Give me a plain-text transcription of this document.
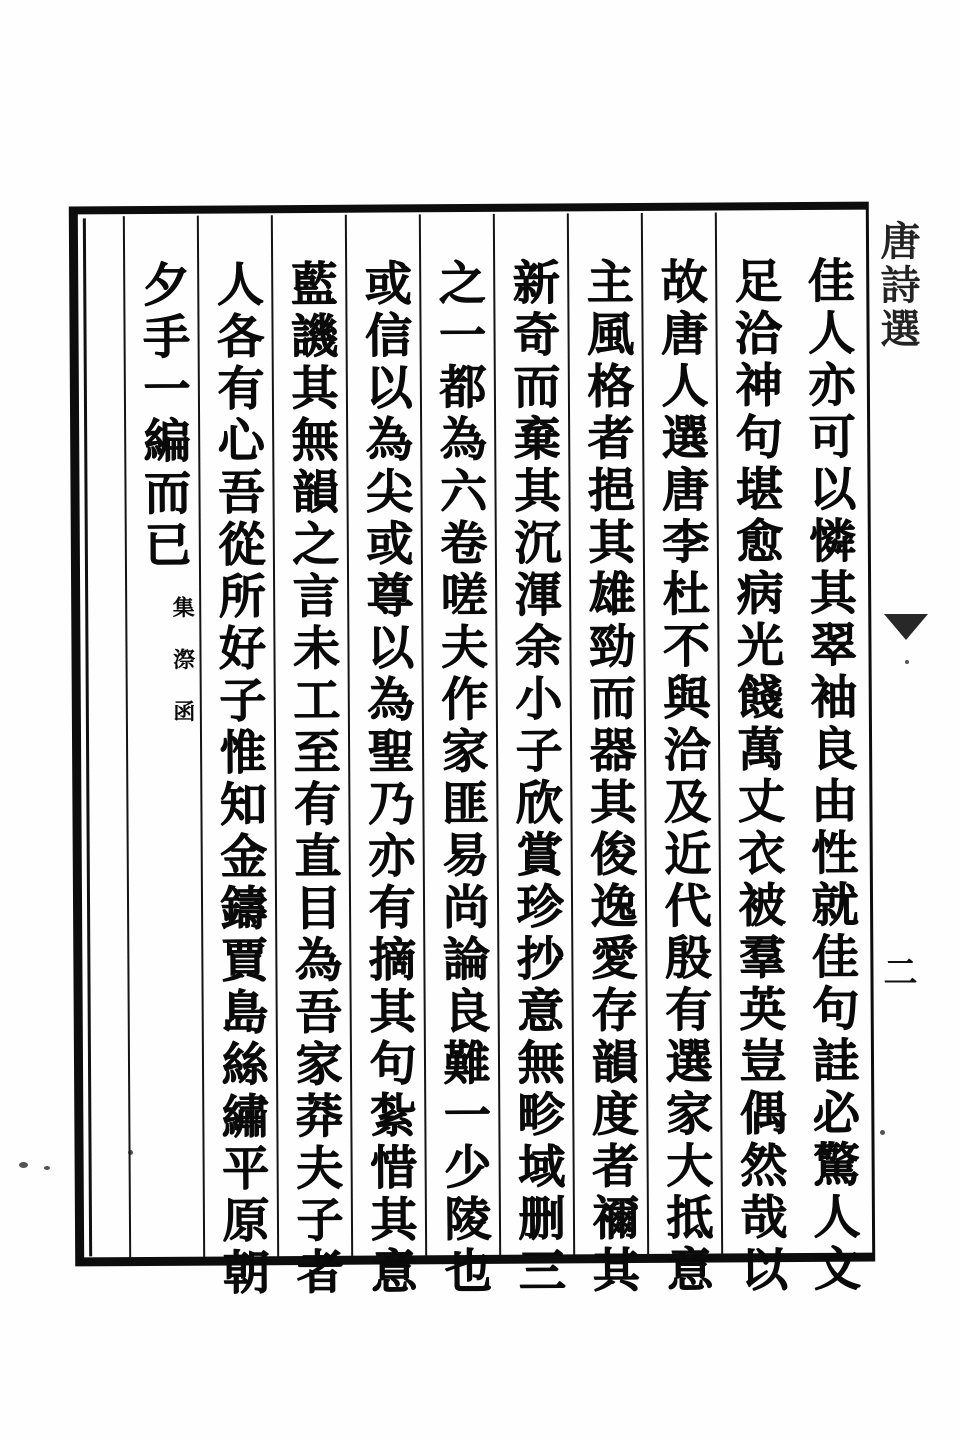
唐詩選
二
佳人亦可以憐其翠袖良由性就佳句詿必驚人文
足洽神句堪愈病光餞萬丈衣被羣英豈偶然哉以
故唐人選唐李杜不與洽及近代殷有選家大抵意
主風格者挹其雄勁而器其俊逸愛存韻度者禰其
新奇而棄其沉渾余小子欣賞珍抄意無畛域删三
之一都為六卷嗟夫作家匪易尚論良難一少陵也
或信以為尖或尊以為聖乃亦有摘其句紮惜其意
藍譏其無韻之言未工至有直目為吾家莽夫子者
人各有心吾從所好子惟知金鑄賈島絲繡平原朝
夕手一編而已
集 漈 函
